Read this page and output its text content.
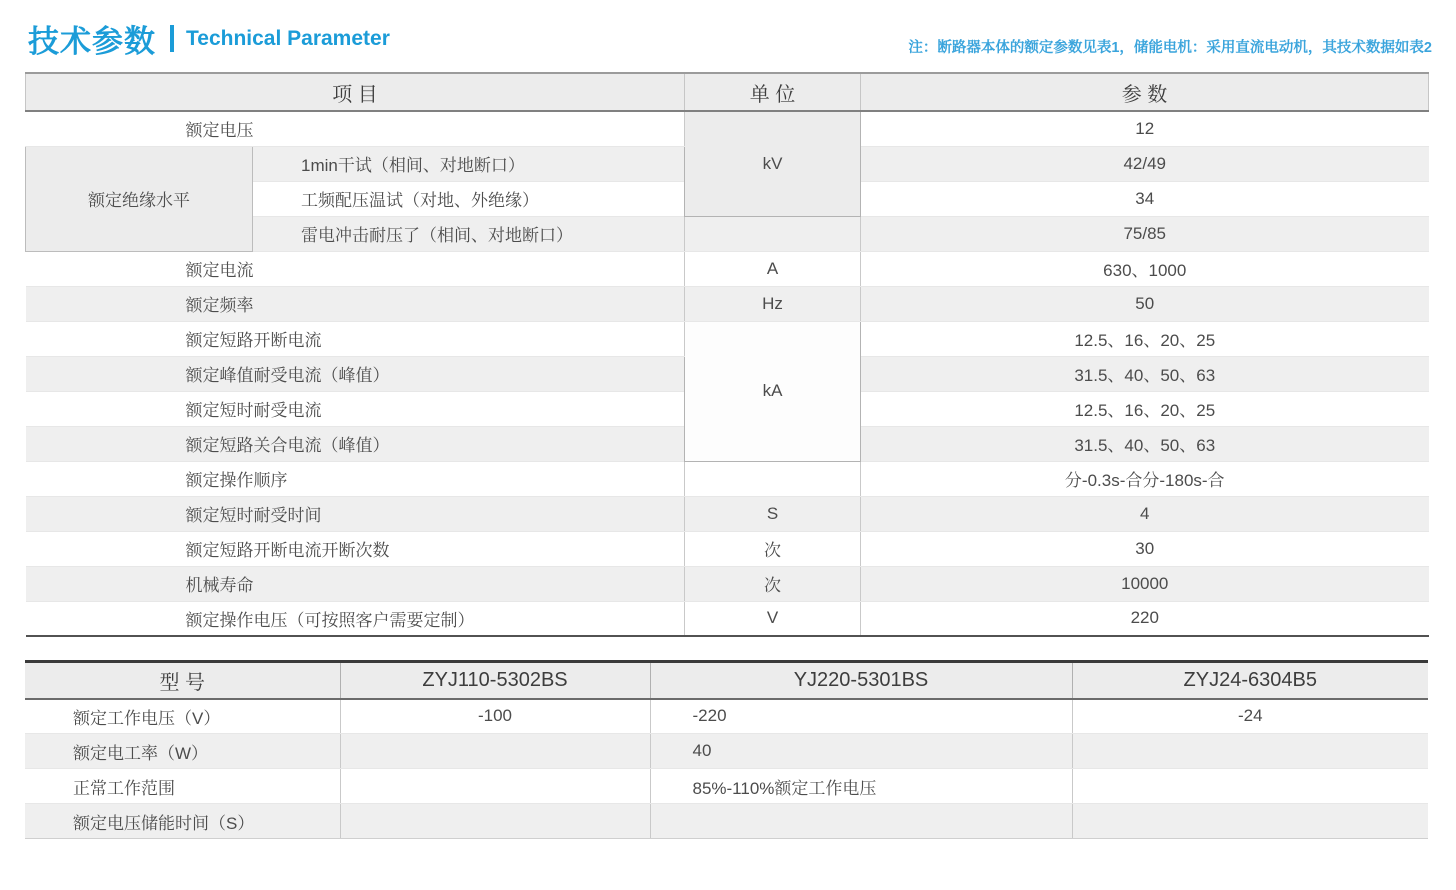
技术参数 Technical Parameter	注：断路器本体的额定参数见表1，储能电机：采用直流电动机，其技术数据如表2
项 目		单 位	参 数
额定电压		kV	12
额定绝缘水平	1min干试（相间、对地断口）		42/49
	工频配压温试（对地、外绝缘）		34
	雷电冲击耐压了（相间、对地断口）		75/85
额定电流		A	630、1000
额定频率		Hz	50
额定短路开断电流		kA	12.5、16、20、25
额定峰值耐受电流（峰值）			31.5、40、50、63
额定短时耐受电流			12.5、16、20、25
额定短路关合电流（峰值）			31.5、40、50、63
额定操作顺序			分-0.3s-合分-180s-合
额定短时耐受时间		S	4
额定短路开断电流开断次数		次	30
机械寿命		次	10000
额定操作电压（可按照客户需要定制）		V	220
型 号	ZYJ110-5302BS	YJ220-5301BS	ZYJ24-6304B5
额定工作电压（V）	-100	-220	-24
额定电工率（W）		40	
正常工作范围		85%-110%额定工作电压	
额定电压储能时间（S）			
